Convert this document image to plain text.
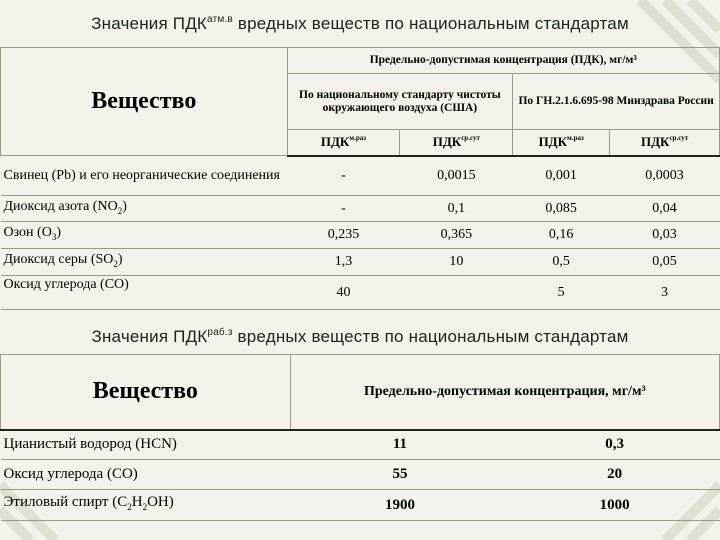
Значения $ПДК^{атм.в}$ вредных веществ по национальным стандартам
Вещество	Предельно-допустимая концентрация (ПДК), мг/м³			
	По национальному стандарту чистоты окружающего воздуха (США)		По ГН.2.1.6.695-98 Минздрава России	
	$ПДК^{м.раз}$	$ПДК^{ср.сут}$	$ПДК^{м.раз}$	$ПДК^{ср.сут}$
Свинец (Pb) и его неорганические соединения	-	0,0015	0,001	0,0003
Диоксид азота $(NO_2)$	-	0,1	0,085	0,04
Озон $(O_3)$	0,235	0,365	0,16	0,03
Диоксид серы $(SO_2)$	1,3	10	0,5	0,05
Оксид углерода (CO)	40		5	3
Значения $ПДК^{раб.з}$ вредных веществ по национальным стандартам
Вещество	Предельно-допустимая концентрация, мг/м³	
Цианистый водород (HCN)	11	0,3
Оксид углерода (CO)	55	20
Этиловый спирт $(C_2H_2OH)$	1900	1000
